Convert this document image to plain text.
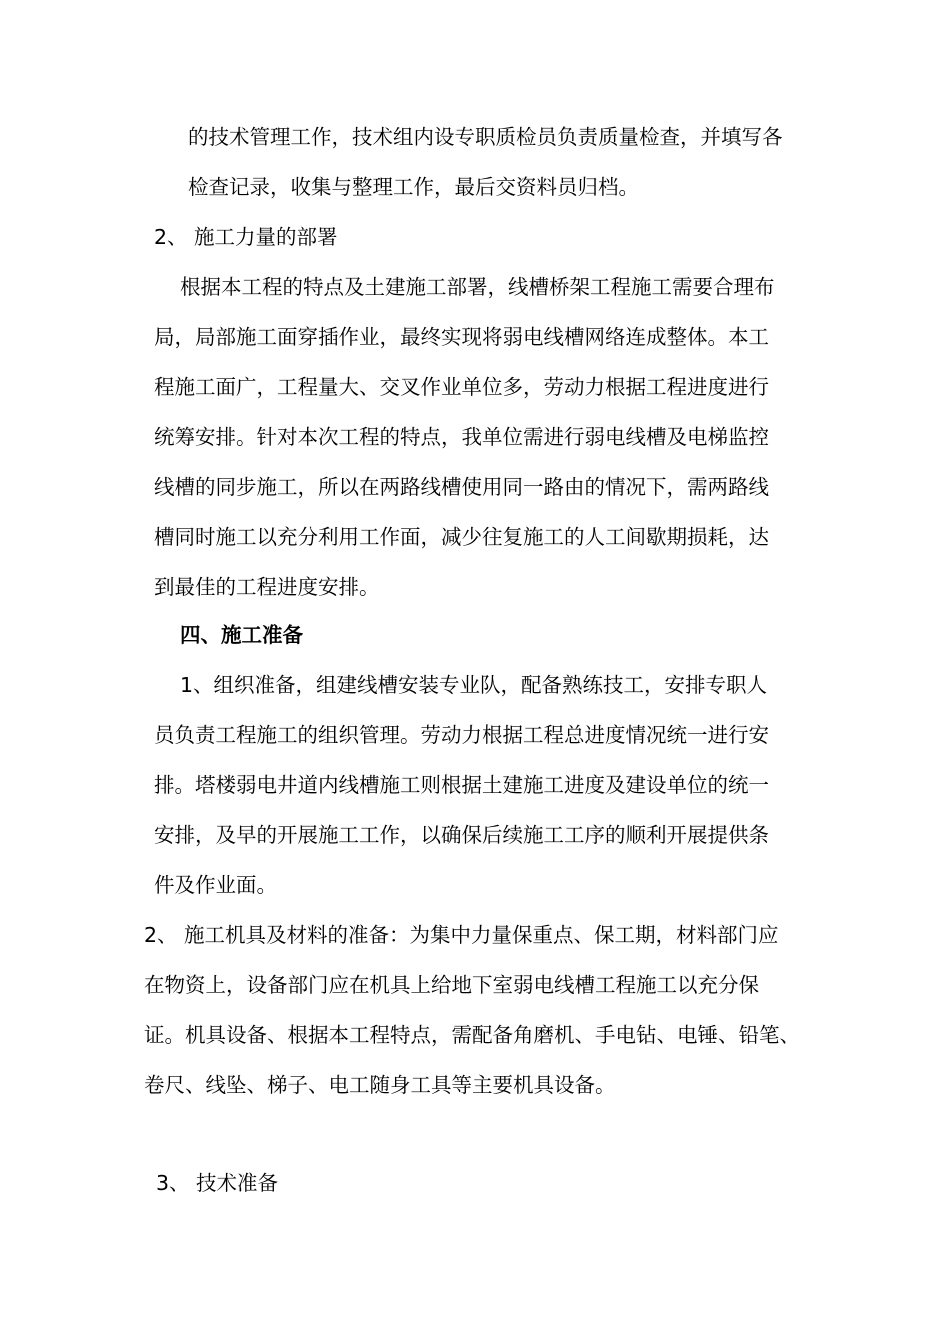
的技术管理工作，技术组内设专职质检员负责质量检查，并填写各
检查记录，收集与整理工作，最后交资料员归档。
2、 施工力量的部署
根据本工程的特点及土建施工部署，线槽桥架工程施工需要合理布
局，局部施工面穿插作业，最终实现将弱电线槽网络连成整体。本工
程施工面广，工程量大、交叉作业单位多，劳动力根据工程进度进行
统筹安排。针对本次工程的特点，我单位需进行弱电线槽及电梯监控
线槽的同步施工，所以在两路线槽使用同一路由的情况下，需两路线
槽同时施工以充分利用工作面，减少往复施工的人工间歇期损耗，达
到最佳的工程进度安排。
四、施工准备
1、组织准备，组建线槽安装专业队，配备熟练技工，安排专职人
员负责工程施工的组织管理。劳动力根据工程总进度情况统一进行安
排。塔楼弱电井道内线槽施工则根据土建施工进度及建设单位的统一
安排，及早的开展施工工作，以确保后续施工工序的顺利开展提供条
件及作业面。
2、 施工机具及材料的准备：为集中力量保重点、保工期，材料部门应
在物资上，设备部门应在机具上给地下室弱电线槽工程施工以充分保
证。机具设备、根据本工程特点，需配备角磨机、手电钻、电锤、铅笔、
卷尺、线坠、梯子、电工随身工具等主要机具设备。
3、 技术准备
